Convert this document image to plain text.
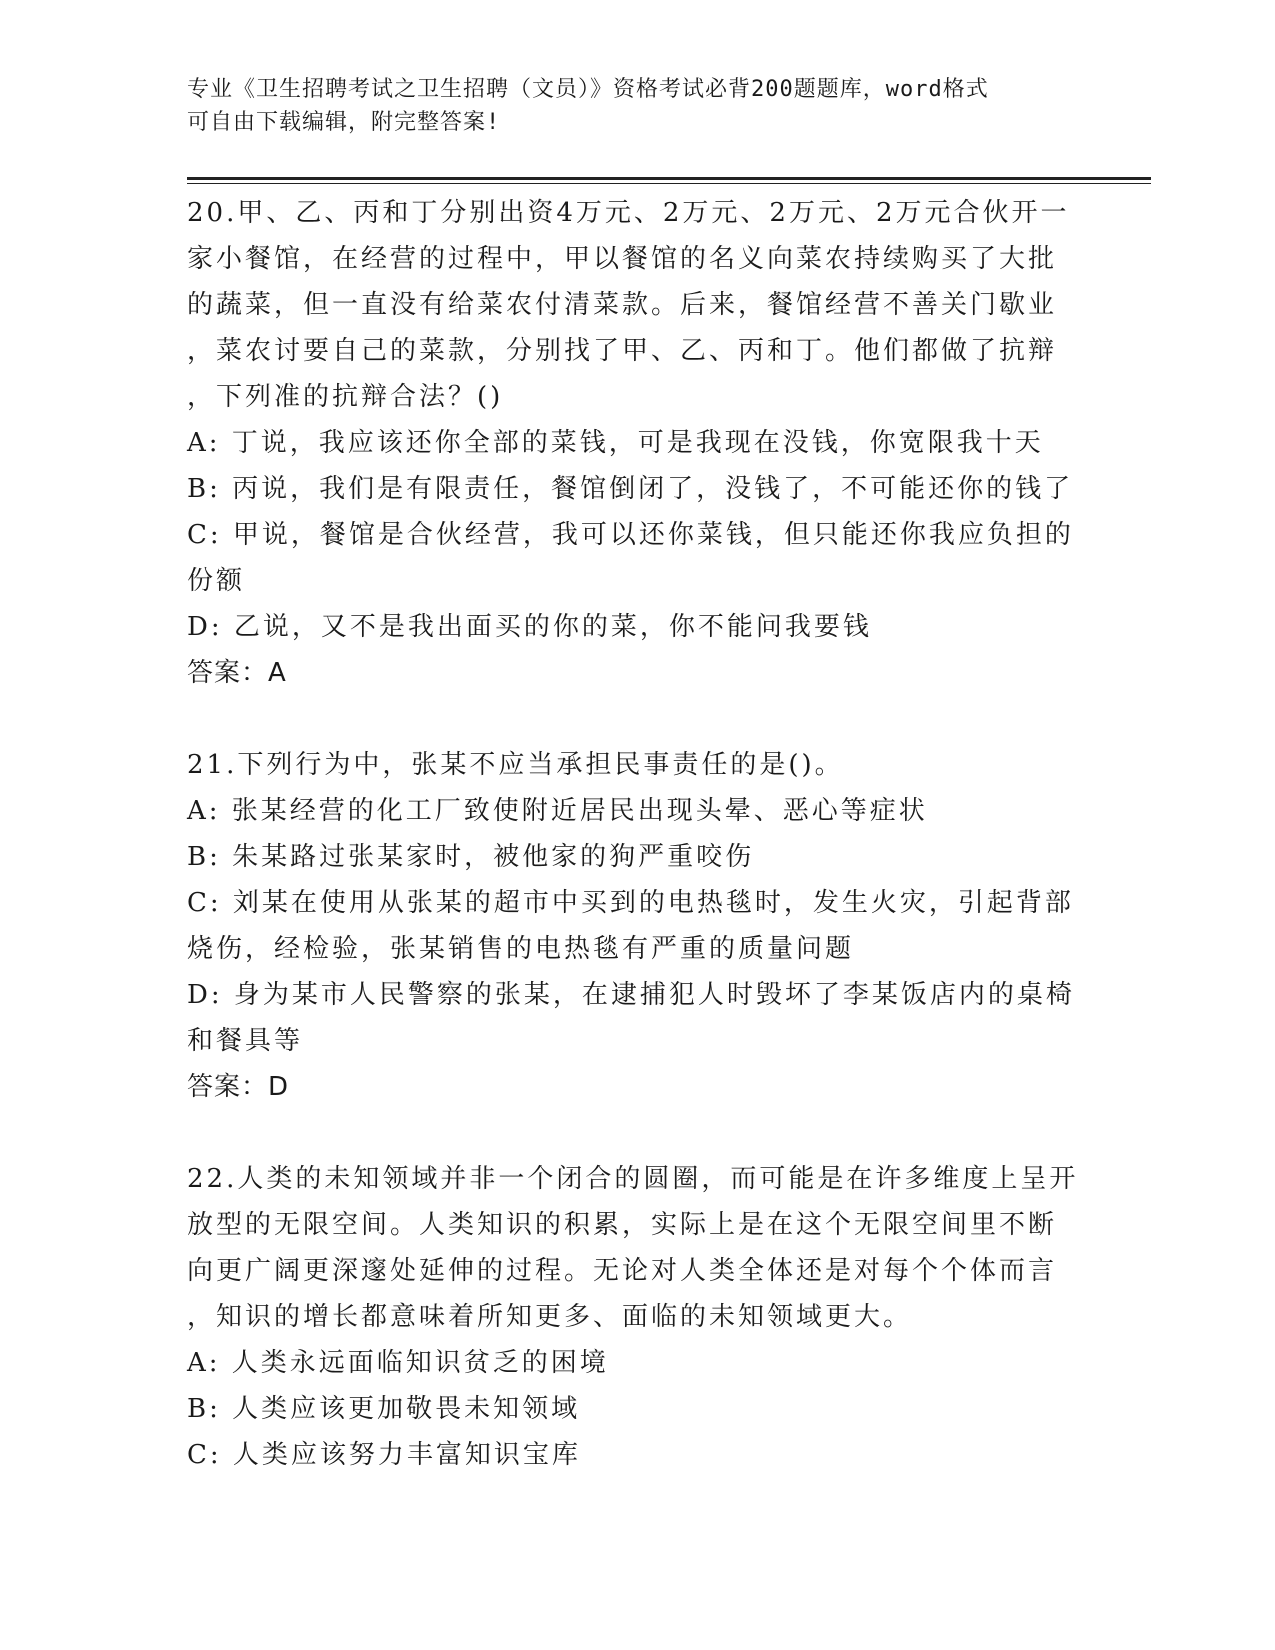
专业《卫生招聘考试之卫生招聘（文员）》资格考试必背200题题库，word格式

可自由下载编辑，附完整答案!

20.甲、乙、丙和丁分别出资4万元、2万元、2万元、2万元合伙开一

家小餐馆，在经营的过程中，甲以餐馆的名义向菜农持续购买了大批

的蔬菜，但一直没有给菜农付清菜款。后来，餐馆经营不善关门歇业

，菜农讨要自己的菜款，分别找了甲、乙、丙和丁。他们都做了抗辩

，下列准的抗辩合法？()

A: 丁说，我应该还你全部的菜钱，可是我现在没钱，你宽限我十天

B: 丙说，我们是有限责任，餐馆倒闭了，没钱了，不可能还你的钱了

C: 甲说，餐馆是合伙经营，我可以还你菜钱，但只能还你我应负担的

份额

D: 乙说，又不是我出面买的你的菜，你不能问我要钱

答案：A

21.下列行为中，张某不应当承担民事责任的是()。

A: 张某经营的化工厂致使附近居民出现头晕、恶心等症状

B: 朱某路过张某家时，被他家的狗严重咬伤

C: 刘某在使用从张某的超市中买到的电热毯时，发生火灾，引起背部

烧伤，经检验，张某销售的电热毯有严重的质量问题

D: 身为某市人民警察的张某，在逮捕犯人时毁坏了李某饭店内的桌椅

和餐具等

答案：D

22.人类的未知领域并非一个闭合的圆圈，而可能是在许多维度上呈开

放型的无限空间。人类知识的积累，实际上是在这个无限空间里不断

向更广阔更深邃处延伸的过程。无论对人类全体还是对每个个体而言

，知识的增长都意味着所知更多、面临的未知领域更大。

A: 人类永远面临知识贫乏的困境

B: 人类应该更加敬畏未知领域

C: 人类应该努力丰富知识宝库
